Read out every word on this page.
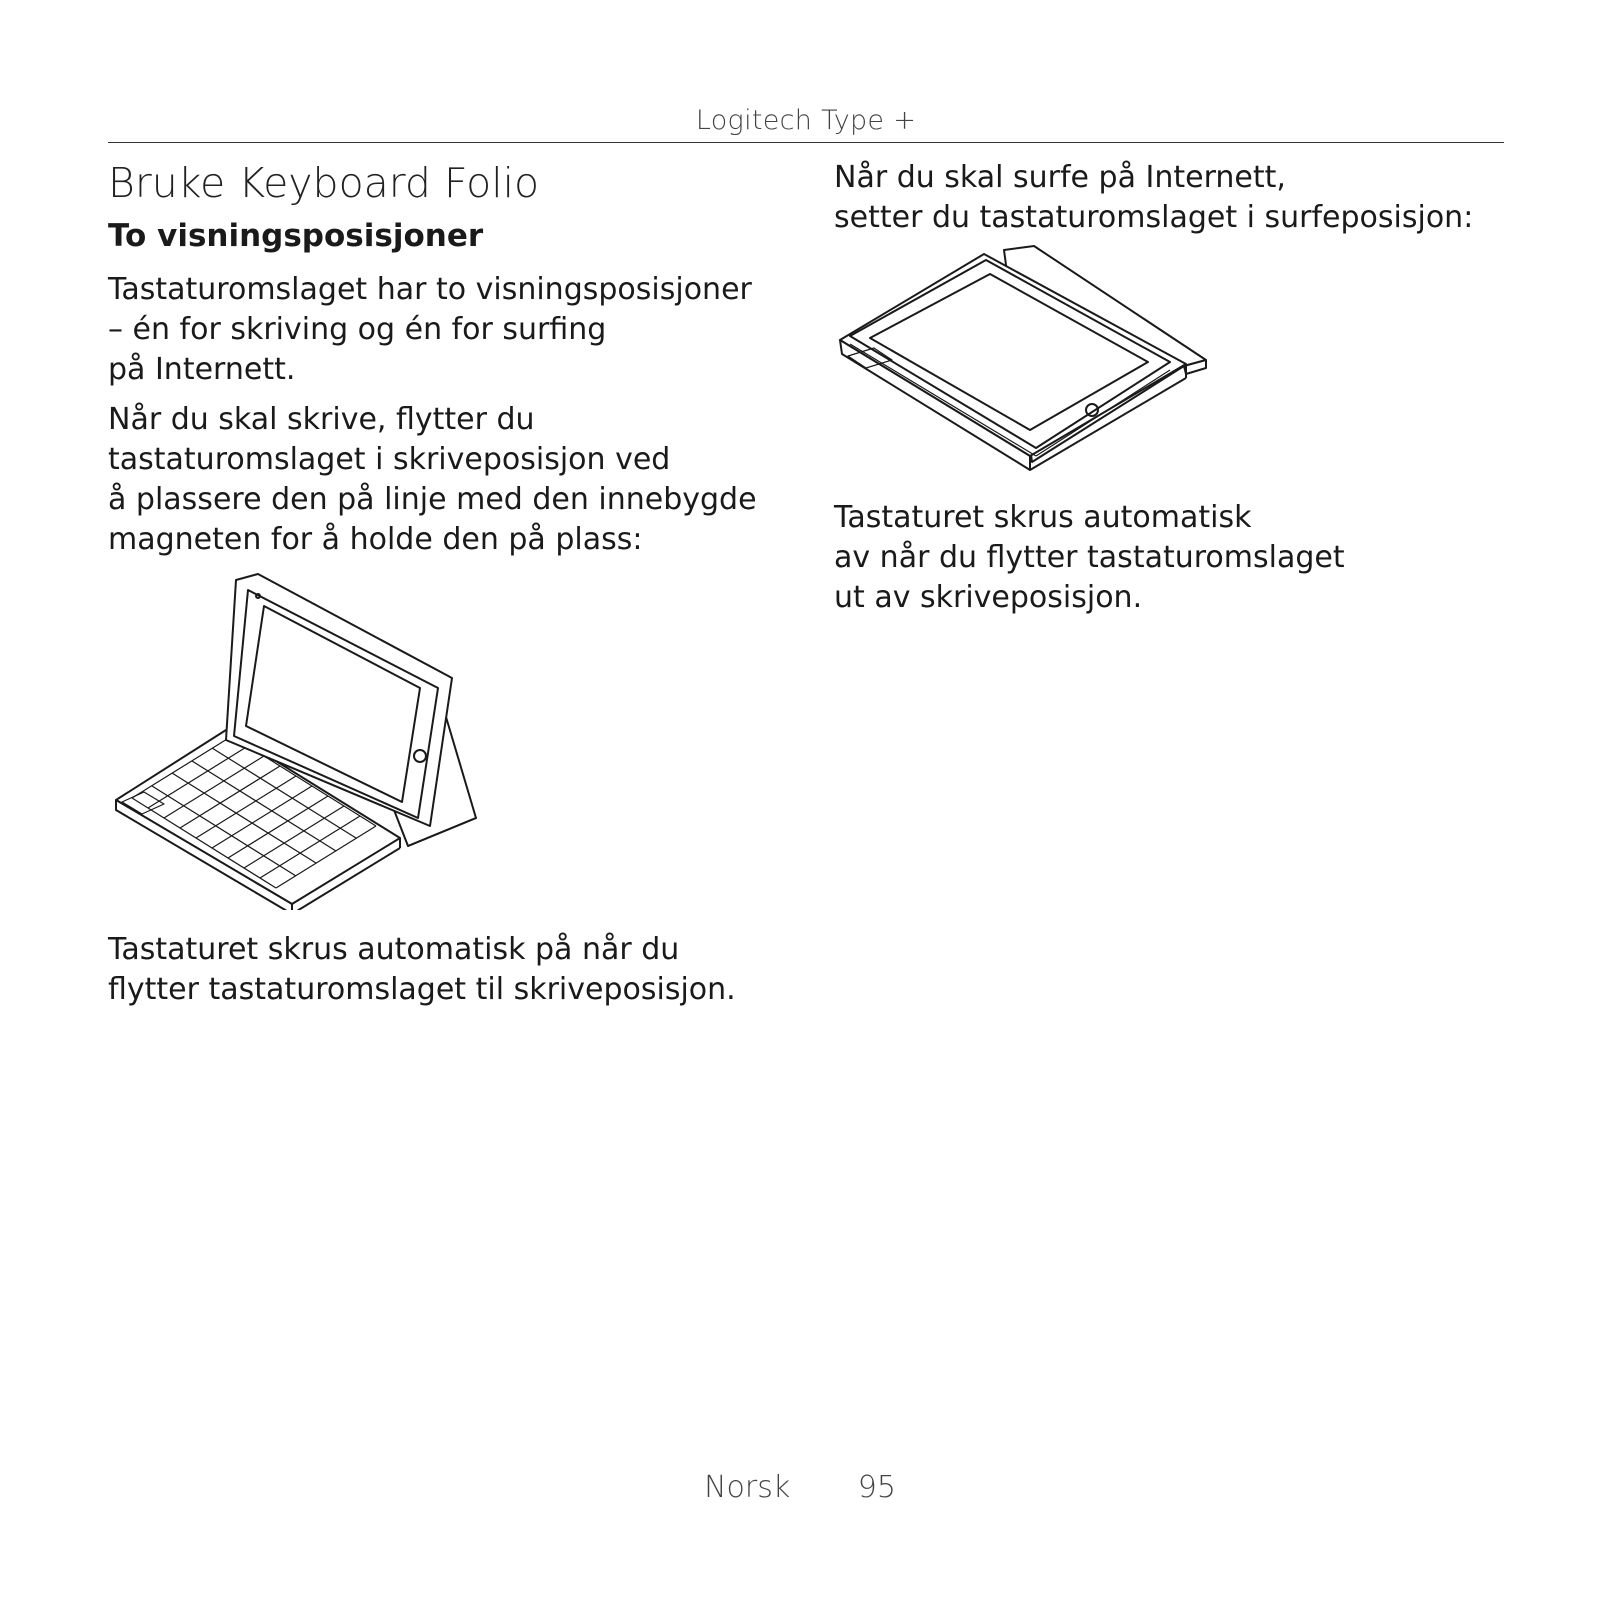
Logitech Type +
Bruke Keyboard Folio
To visningsposisjoner

Tastaturomslaget har to visningsposisjoner
– én for skriving og én for surfing
på Internett.

Når du skal skrive, flytter du
tastaturomslaget i skriveposisjon ved
å plassere den på linje med den innebygde
magneten for å holde den på plass:

Tastaturet skrus automatisk på når du
flytter tastaturomslaget til skriveposisjon.

Når du skal surfe på Internett,
setter du tastaturomslaget i surfeposisjon:

Tastaturet skrus automatisk
av når du flytter tastaturomslaget
ut av skriveposisjon.

Norsk 95
